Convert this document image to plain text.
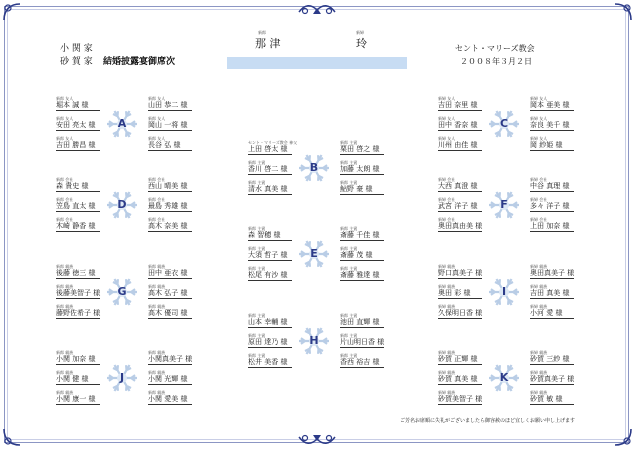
小 関 家
砂 賀 家 結婚披露宴御席次
新郎
那 津
新婦
玲	セント・マリーズ教会
２００８年３月２日
A
新郎 友人
堀本 誠 様
新郎 友人
山田 恭二 様
新郎 友人
安田 亮太 様
新郎 友人
岡山 一将 様
新郎 友人
吉田 勝昌 様
新郎 友人
長谷 弘 様
B
セント・マリーズ教会 神父
上田 啓太 様
新郎 主賓
栗田 啓之 様
新郎 主賓
香川 啓二 様
新郎 主賓
加藤 太朗 様
新郎 主賓
清水 真美 様
新郎 主賓
鮎野 豪 様
C
新婦 友人
吉田 奈里 様
新婦 友人
岡本 亜美 様
新婦 友人
田中 香奈 様
新婦 友人
奈良 美千 様
新婦 友人
川州 由佳 様
新婦 友人
岡 紗姫 様
D
新郎 会社
森 貴史 様
新郎 会社
西山 晴美 様
新郎 会社
笠島 直太 様
新郎 会社
最島 秀雄 様
新郎 会社
木崎 静香 様
新郎 会社
高木 奈美 様
E
新郎 主賓
森 智穂 様
新郎 主賓
斎藤 千佳 様
新郎 主賓
大須 哲子 様
新郎 主賓
斎藤 茂 様
新郎 主賓
松尾 有沙 様
新郎 主賓
斎藤 雅達 様
F
新婦 会社
大西 真澄 様
新婦 会社
中谷 真理 様
新婦 会社
武宮 洋子 様
新婦 会社
多々 洋子 様
新婦 会社
奥田真由美 様
新婦 会社
上田 加奈 様
G
新郎 親族
後藤 徳三 様
新郎 親族
田中 亜衣 様
新郎 親族
後藤美智子 様
新郎 親族
高木 弘子 様
新郎 親族
藤野佐希子 様
新郎 親族
高木 優司 様
H
新郎 主賓
山本 幸輔 様
新郎 主賓
池田 直輝 様
新郎 主賓
原田 達乃 様
新郎 主賓
片山明日香 様
新郎 主賓
松井 美香 様
新郎 主賓
香西 裕吉 様
I
新婦 親族
野口真美子 様
新婦 親族
奥田真美子 様
新婦 親族
奥田 彩 様
新婦 親族
吉田 真美 様
新婦 親族
久保明日香 様
新婦 親族
小河 愛 様
J
新郎 親族
小関 加奈 様
新郎 親族
小関真美子 様
新郎 親族
小関 健 様
新郎 親族
小関 光輝 様
新郎 親族
小関 康一 様
新郎 親族
小関 愛美 様
K
新婦 親族
砂賀 正輝 様
新婦 親族
砂賀 三紗 様
新婦 親族
砂賀 真美 様
新婦 親族
砂賀真美子 様
新婦 親族
砂賀美智子 様
新婦 親族
砂賀 敏 様
ご芳名お席順に失礼がございましたら御容赦のほど宜しくお願い申し上げます
